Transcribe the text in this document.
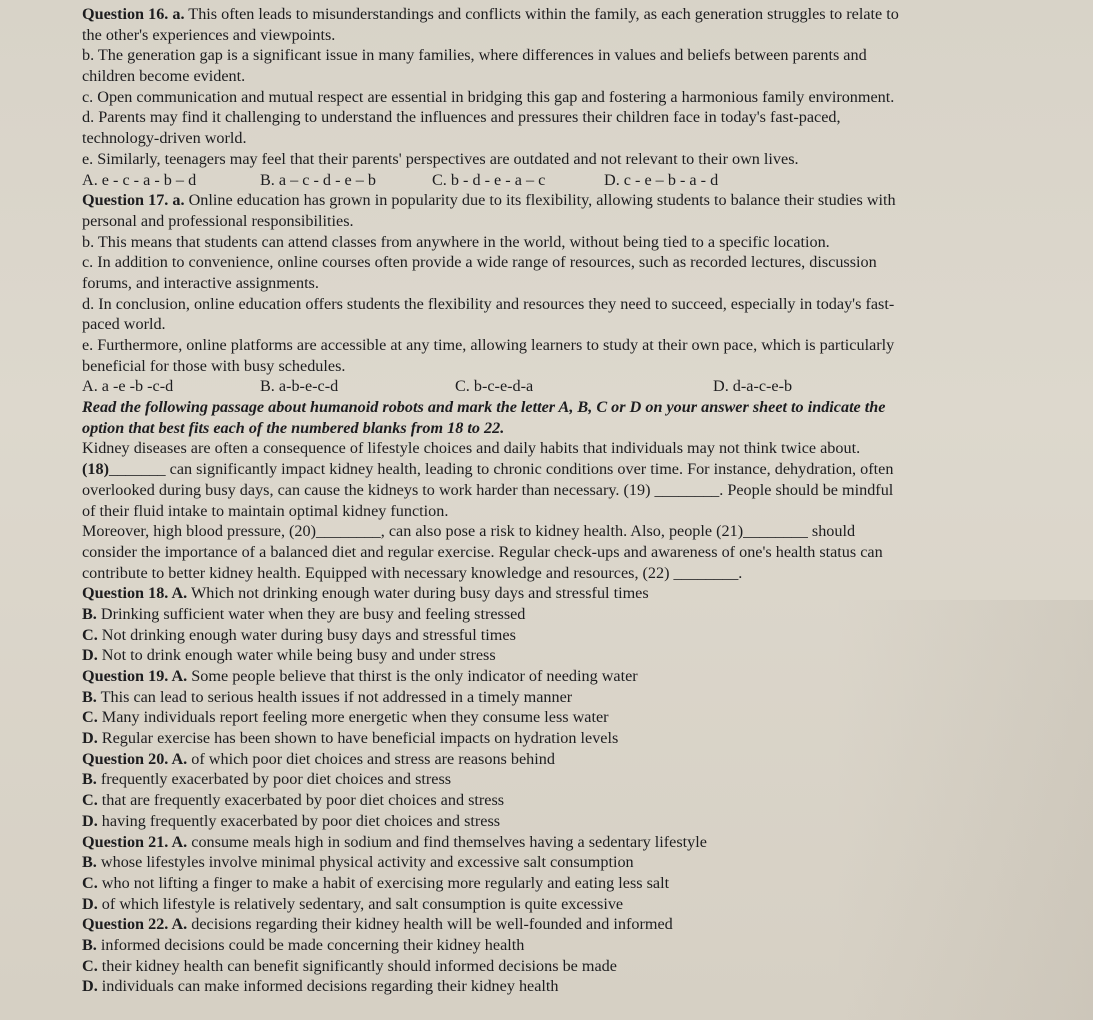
Question 16. a. This often leads to misunderstandings and conflicts within the family, as each generation struggles to relate to
the other's experiences and viewpoints.
b. The generation gap is a significant issue in many families, where differences in values and beliefs between parents and
children become evident.
c. Open communication and mutual respect are essential in bridging this gap and fostering a harmonious family environment.
d. Parents may find it challenging to understand the influences and pressures their children face in today's fast-paced,
technology-driven world.
e. Similarly, teenagers may feel that their parents' perspectives are outdated and not relevant to their own lives.
A. e - c - a - b – d	B. a – c - d - e – b	C. b - d - e - a – c	D. c - e – b - a - d
Question 17. a. Online education has grown in popularity due to its flexibility, allowing students to balance their studies with
personal and professional responsibilities.
b. This means that students can attend classes from anywhere in the world, without being tied to a specific location.
c. In addition to convenience, online courses often provide a wide range of resources, such as recorded lectures, discussion
forums, and interactive assignments.
d. In conclusion, online education offers students the flexibility and resources they need to succeed, especially in today's fast-
paced world.
e. Furthermore, online platforms are accessible at any time, allowing learners to study at their own pace, which is particularly
beneficial for those with busy schedules.
A. a -e -b -c-d	B. a-b-e-c-d	C. b-c-e-d-a	D. d-a-c-e-b
Read the following passage about humanoid robots and mark the letter A, B, C or D on your answer sheet to indicate the
option that best fits each of the numbered blanks from 18 to 22.
Kidney diseases are often a consequence of lifestyle choices and daily habits that individuals may not think twice about.
(18)_______ can significantly impact kidney health, leading to chronic conditions over time. For instance, dehydration, often
overlooked during busy days, can cause the kidneys to work harder than necessary. (19) ________. People should be mindful
of their fluid intake to maintain optimal kidney function.
Moreover, high blood pressure, (20)________, can also pose a risk to kidney health. Also, people (21)________ should
consider the importance of a balanced diet and regular exercise. Regular check-ups and awareness of one's health status can
contribute to better kidney health. Equipped with necessary knowledge and resources, (22) ________.
Question 18. A. Which not drinking enough water during busy days and stressful times
B. Drinking sufficient water when they are busy and feeling stressed
C. Not drinking enough water during busy days and stressful times
D. Not to drink enough water while being busy and under stress
Question 19. A. Some people believe that thirst is the only indicator of needing water
B. This can lead to serious health issues if not addressed in a timely manner
C. Many individuals report feeling more energetic when they consume less water
D. Regular exercise has been shown to have beneficial impacts on hydration levels
Question 20. A. of which poor diet choices and stress are reasons behind
B. frequently exacerbated by poor diet choices and stress
C. that are frequently exacerbated by poor diet choices and stress
D. having frequently exacerbated by poor diet choices and stress
Question 21. A. consume meals high in sodium and find themselves having a sedentary lifestyle
B. whose lifestyles involve minimal physical activity and excessive salt consumption
C. who not lifting a finger to make a habit of exercising more regularly and eating less salt
D. of which lifestyle is relatively sedentary, and salt consumption is quite excessive
Question 22. A. decisions regarding their kidney health will be well-founded and informed
B. informed decisions could be made concerning their kidney health
C. their kidney health can benefit significantly should informed decisions be made
D. individuals can make informed decisions regarding their kidney health
